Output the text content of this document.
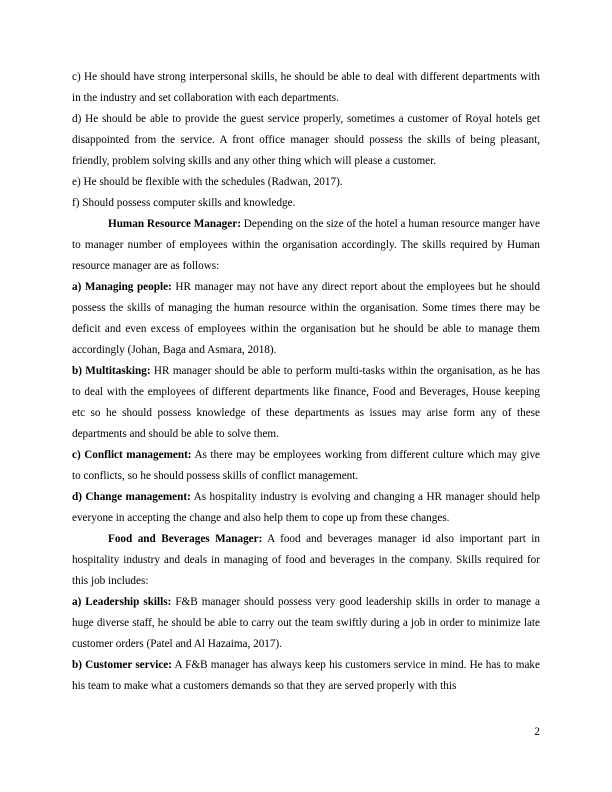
c) He should have strong interpersonal skills, he should be able to deal with different departments with in the industry and set collaboration with each departments.

d) He should be able to provide the guest service properly, sometimes a customer of Royal hotels get disappointed from the service. A front office manager should possess the skills of being pleasant, friendly, problem solving skills and any other thing which will please a customer.

e) He should be flexible with the schedules (Radwan, 2017).

f) Should possess computer skills and knowledge.

Human Resource Manager: Depending on the size of the hotel a human resource manger have to manager number of employees within the organisation accordingly. The skills required by Human resource manager are as follows:

a) Managing people: HR manager may not have any direct report about the employees but he should possess the skills of managing the human resource within the organisation. Some times there may be deficit and even excess of employees within the organisation but he should be able to manage them accordingly (Johan, Baga and Asmara, 2018).

b) Multitasking: HR manager should be able to perform multi-tasks within the organisation, as he has to deal with the employees of different departments like finance, Food and Beverages, House keeping etc so he should possess knowledge of these departments as issues may arise form any of these departments and should be able to solve them.

c) Conflict management: As there may be employees working from different culture which may give to conflicts, so he should possess skills of conflict management.

d) Change management: As hospitality industry is evolving and changing a HR manager should help everyone in accepting the change and also help them to cope up from these changes.

Food and Beverages Manager: A food and beverages manager id also important part in hospitality industry and deals in managing of food and beverages in the company. Skills required for this job includes:

a) Leadership skills: F&B manager should possess very good leadership skills in order to manage a huge diverse staff, he should be able to carry out the team swiftly during a job in order to minimize late customer orders (Patel and Al Hazaima, 2017).

b) Customer service: A F&B manager has always keep his customers service in mind. He has to make his team to make what a customers demands so that they are served properly with this

2
